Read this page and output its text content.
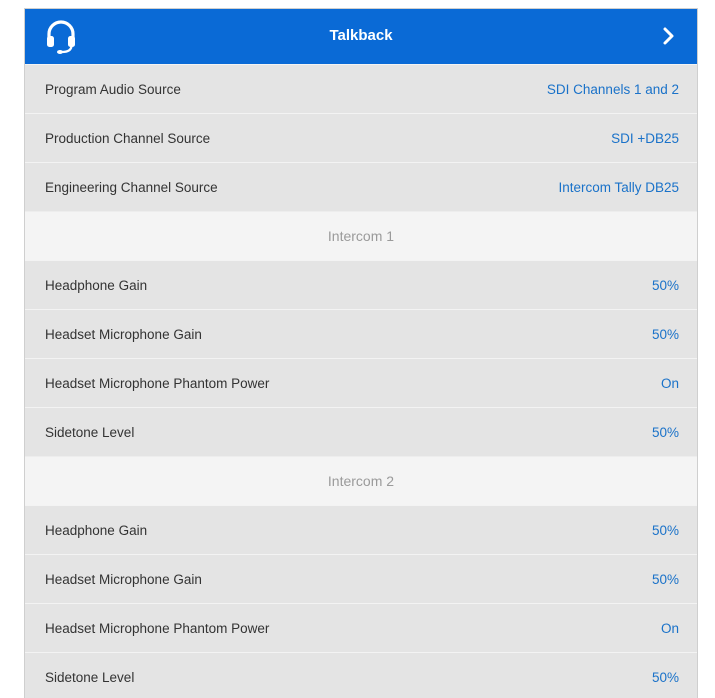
Talkback
Program Audio Source	SDI Channels 1 and 2
Production Channel Source	SDI +DB25
Engineering Channel Source	Intercom Tally DB25
Intercom 1
Headphone Gain	50%
Headset Microphone Gain	50%
Headset Microphone Phantom Power	On
Sidetone Level	50%
Intercom 2
Headphone Gain	50%
Headset Microphone Gain	50%
Headset Microphone Phantom Power	On
Sidetone Level	50%
